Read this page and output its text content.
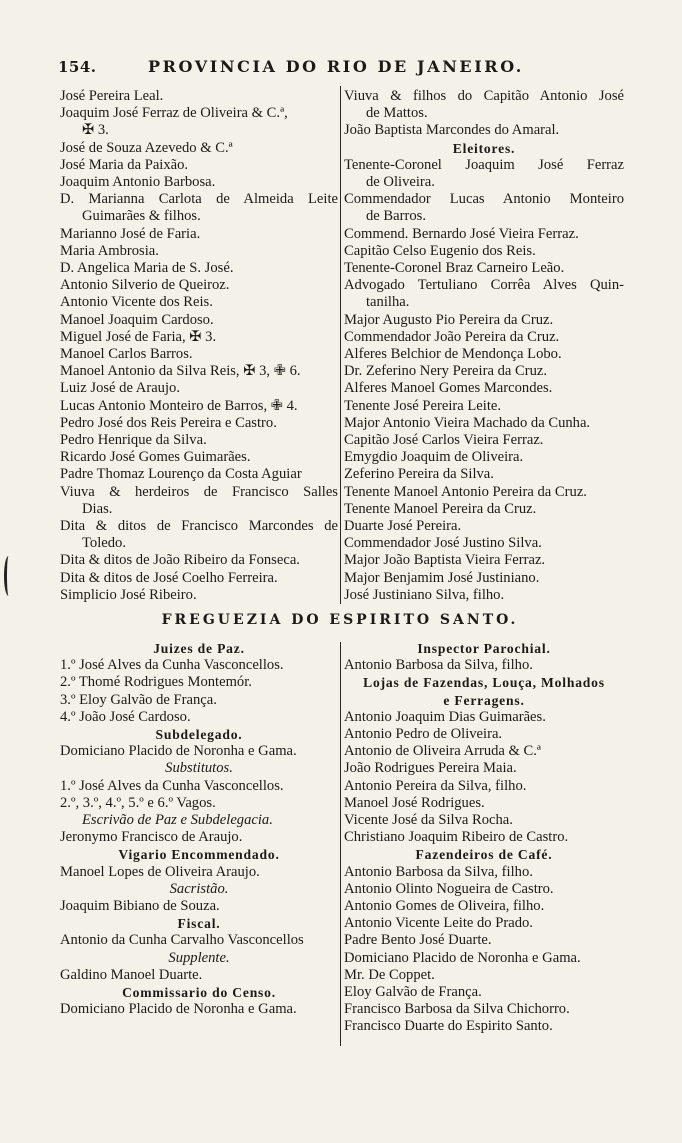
154.	PROVINCIA DO RIO DE JANEIRO.
José Pereira Leal.
Joaquim José Ferraz de Oliveira & C.ª,
✠ 3.
José de Souza Azevedo & C.ª
José Maria da Paixão.
Joaquim Antonio Barbosa.
D. Marianna Carlota de Almeida Leite
Guimarães & filhos.
Marianno José de Faria.
Maria Ambrosia.
D. Angelica Maria de S. José.
Antonio Silverio de Queiroz.
Antonio Vicente dos Reis.
Manoel Joaquim Cardoso.
Miguel José de Faria, ✠ 3.
Manoel Carlos Barros.
Manoel Antonio da Silva Reis, ✠ 3, ✙ 6.
Luiz José de Araujo.
Lucas Antonio Monteiro de Barros, ✙ 4.
Pedro José dos Reis Pereira e Castro.
Pedro Henrique da Silva.
Ricardo José Gomes Guimarães.
Padre Thomaz Lourenço da Costa Aguiar
Viuva & herdeiros de Francisco Salles
Dias.
Dita & ditos de Francisco Marcondes de
Toledo.
Dita & ditos de João Ribeiro da Fonseca.
Dita & ditos de José Coelho Ferreira.
Simplicio José Ribeiro.
Viuva & filhos do Capitão Antonio José
de Mattos.
João Baptista Marcondes do Amaral.
Eleitores.
Tenente-Coronel Joaquim José Ferraz
de Oliveira.
Commendador Lucas Antonio Monteiro
de Barros.
Commend. Bernardo José Vieira Ferraz.
Capitão Celso Eugenio dos Reis.
Tenente-Coronel Braz Carneiro Leão.
Advogado Tertuliano Corrêa Alves Quin-
tanilha.
Major Augusto Pio Pereira da Cruz.
Commendador João Pereira da Cruz.
Alferes Belchior de Mendonça Lobo.
Dr. Zeferino Nery Pereira da Cruz.
Alferes Manoel Gomes Marcondes.
Tenente José Pereira Leite.
Major Antonio Vieira Machado da Cunha.
Capitão José Carlos Vieira Ferraz.
Emygdio Joaquim de Oliveira.
Zeferino Pereira da Silva.
Tenente Manoel Antonio Pereira da Cruz.
Tenente Manoel Pereira da Cruz.
Duarte José Pereira.
Commendador José Justino Silva.
Major João Baptista Vieira Ferraz.
Major Benjamim José Justiniano.
José Justiniano Silva, filho.
FREGUEZIA DO ESPIRITO SANTO.
Juizes de Paz.
1.º José Alves da Cunha Vasconcellos.
2.º Thomé Rodrigues Montemór.
3.º Eloy Galvão de França.
4.º João José Cardoso.
Subdelegado.
Domiciano Placido de Noronha e Gama.
Substitutos.
1.º José Alves da Cunha Vasconcellos.
2.º, 3.º, 4.º, 5.º e 6.º Vagos.
Escrivão de Paz e Subdelegacia.
Jeronymo Francisco de Araujo.
Vigario Encommendado.
Manoel Lopes de Oliveira Araujo.
Sacristão.
Joaquim Bibiano de Souza.
Fiscal.
Antonio da Cunha Carvalho Vasconcellos
Supplente.
Galdino Manoel Duarte.
Commissario do Censo.
Domiciano Placido de Noronha e Gama.
Inspector Parochial.
Antonio Barbosa da Silva, filho.
Lojas de Fazendas, Louça, Molhados
e Ferragens.
Antonio Joaquim Dias Guimarães.
Antonio Pedro de Oliveira.
Antonio de Oliveira Arruda & C.ª
João Rodrigues Pereira Maia.
Antonio Pereira da Silva, filho.
Manoel José Rodrigues.
Vicente José da Silva Rocha.
Christiano Joaquim Ribeiro de Castro.
Fazendeiros de Café.
Antonio Barbosa da Silva, filho.
Antonio Olinto Nogueira de Castro.
Antonio Gomes de Oliveira, filho.
Antonio Vicente Leite do Prado.
Padre Bento José Duarte.
Domiciano Placido de Noronha e Gama.
Mr. De Coppet.
Eloy Galvão de França.
Francisco Barbosa da Silva Chichorro.
Francisco Duarte do Espirito Santo.
